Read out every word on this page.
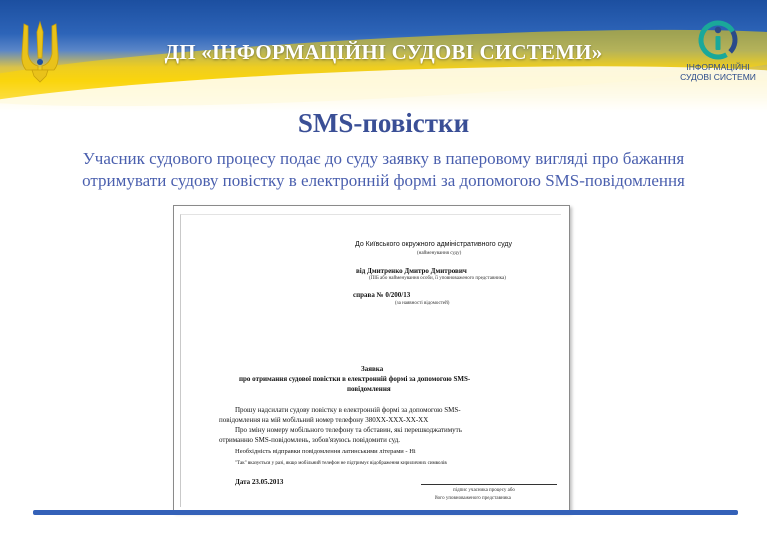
ДП «ІНФОРМАЦІЙНІ СУДОВІ СИСТЕМИ»
ІНФОРМАЦІЙНІ
СУДОВІ СИСТЕМИ
SMS-повістки
Учасник судового процесу подає до суду заявку в паперовому вигляді про бажання
отримувати судову повістку в електронній формі за допомогою SMS-повідомлення
До Київського окружного адміністративного суду
(найменування суду)
від Дмитренко Дмитро Дмитрович
(ПІБ або найменування особи, її уповноваженого представника)
справа № 0/200/13
(за наявності відомостей)
Заявка
про отримання судової повістки в електронній формі за допомогою SMS-
повідомлення
Прошу надсилати судову повістку в електронній формі за допомогою SMS-
повідомлення на мій мобільний номер телефону 380ХХ-ХХХ-ХХ-ХХ
Про зміну номеру мобільного телефону та обставин, які перешкоджатимуть
отриманню SMS-повідомлень, зобов'язуюсь повідомити суд.
Необхідність відправки повідомлення латинськими літерами - Ні
"Так" вказується у разі, якщо мобільний телефон не підтримує відображення кириличних символів
Дата 23.05.2013
підпис учасника процесу або
його уповноваженого представника
